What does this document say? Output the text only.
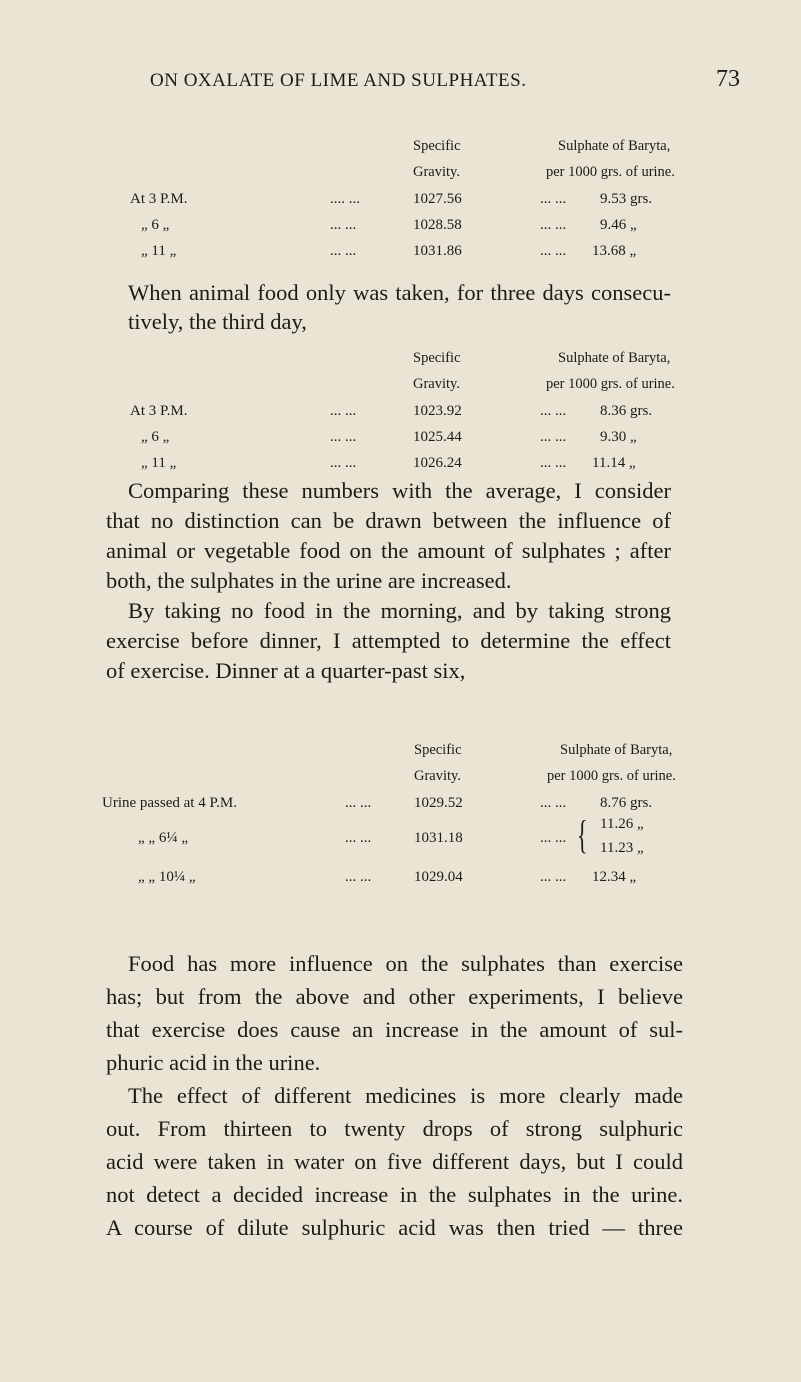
ON OXALATE OF LIME AND SULPHATES.	73
Specific
Gravity.
Sulphate of Baryta,
per 1000 grs. of urine.
At 3 P.M.	.... ...	1027.56	... ... 9.53 grs.
„ 6 „	... ...	1028.58	... ... 9.46 „
„ 11 „	... ...	1031.86	... ... 13.68 „
When animal food only was taken, for three days consecu-
tively, the third day,
Specific
Gravity.
Sulphate of Baryta,
per 1000 grs. of urine.
At 3 P.M.	... ...	1023.92	... ... 8.36 grs.
„ 6 „	... ...	1025.44	... ... 9.30 „
„ 11 „	... ...	1026.24	... ... 11.14 „
Comparing these numbers with the average, I consider
that no distinction can be drawn between the influence of
animal or vegetable food on the amount of sulphates ; after
both, the sulphates in the urine are increased.
By taking no food in the morning, and by taking strong
exercise before dinner, I attempted to determine the effect
of exercise. Dinner at a quarter-past six,
Specific
Gravity.
Sulphate of Baryta,
per 1000 grs. of urine.
Urine passed at 4 P.M.	... ...	1029.52	... ... 8.76 grs.
„ „ 6¼ „	... ...	1031.18	... ... { 11.26 „
11.23 „
„ „ 10¼ „	... ...	1029.04	... ... 12.34 „
Food has more influence on the sulphates than exercise
has; but from the above and other experiments, I believe
that exercise does cause an increase in the amount of sul-
phuric acid in the urine.
The effect of different medicines is more clearly made
out. From thirteen to twenty drops of strong sulphuric
acid were taken in water on five different days, but I could
not detect a decided increase in the sulphates in the urine.
A course of dilute sulphuric acid was then tried — three
